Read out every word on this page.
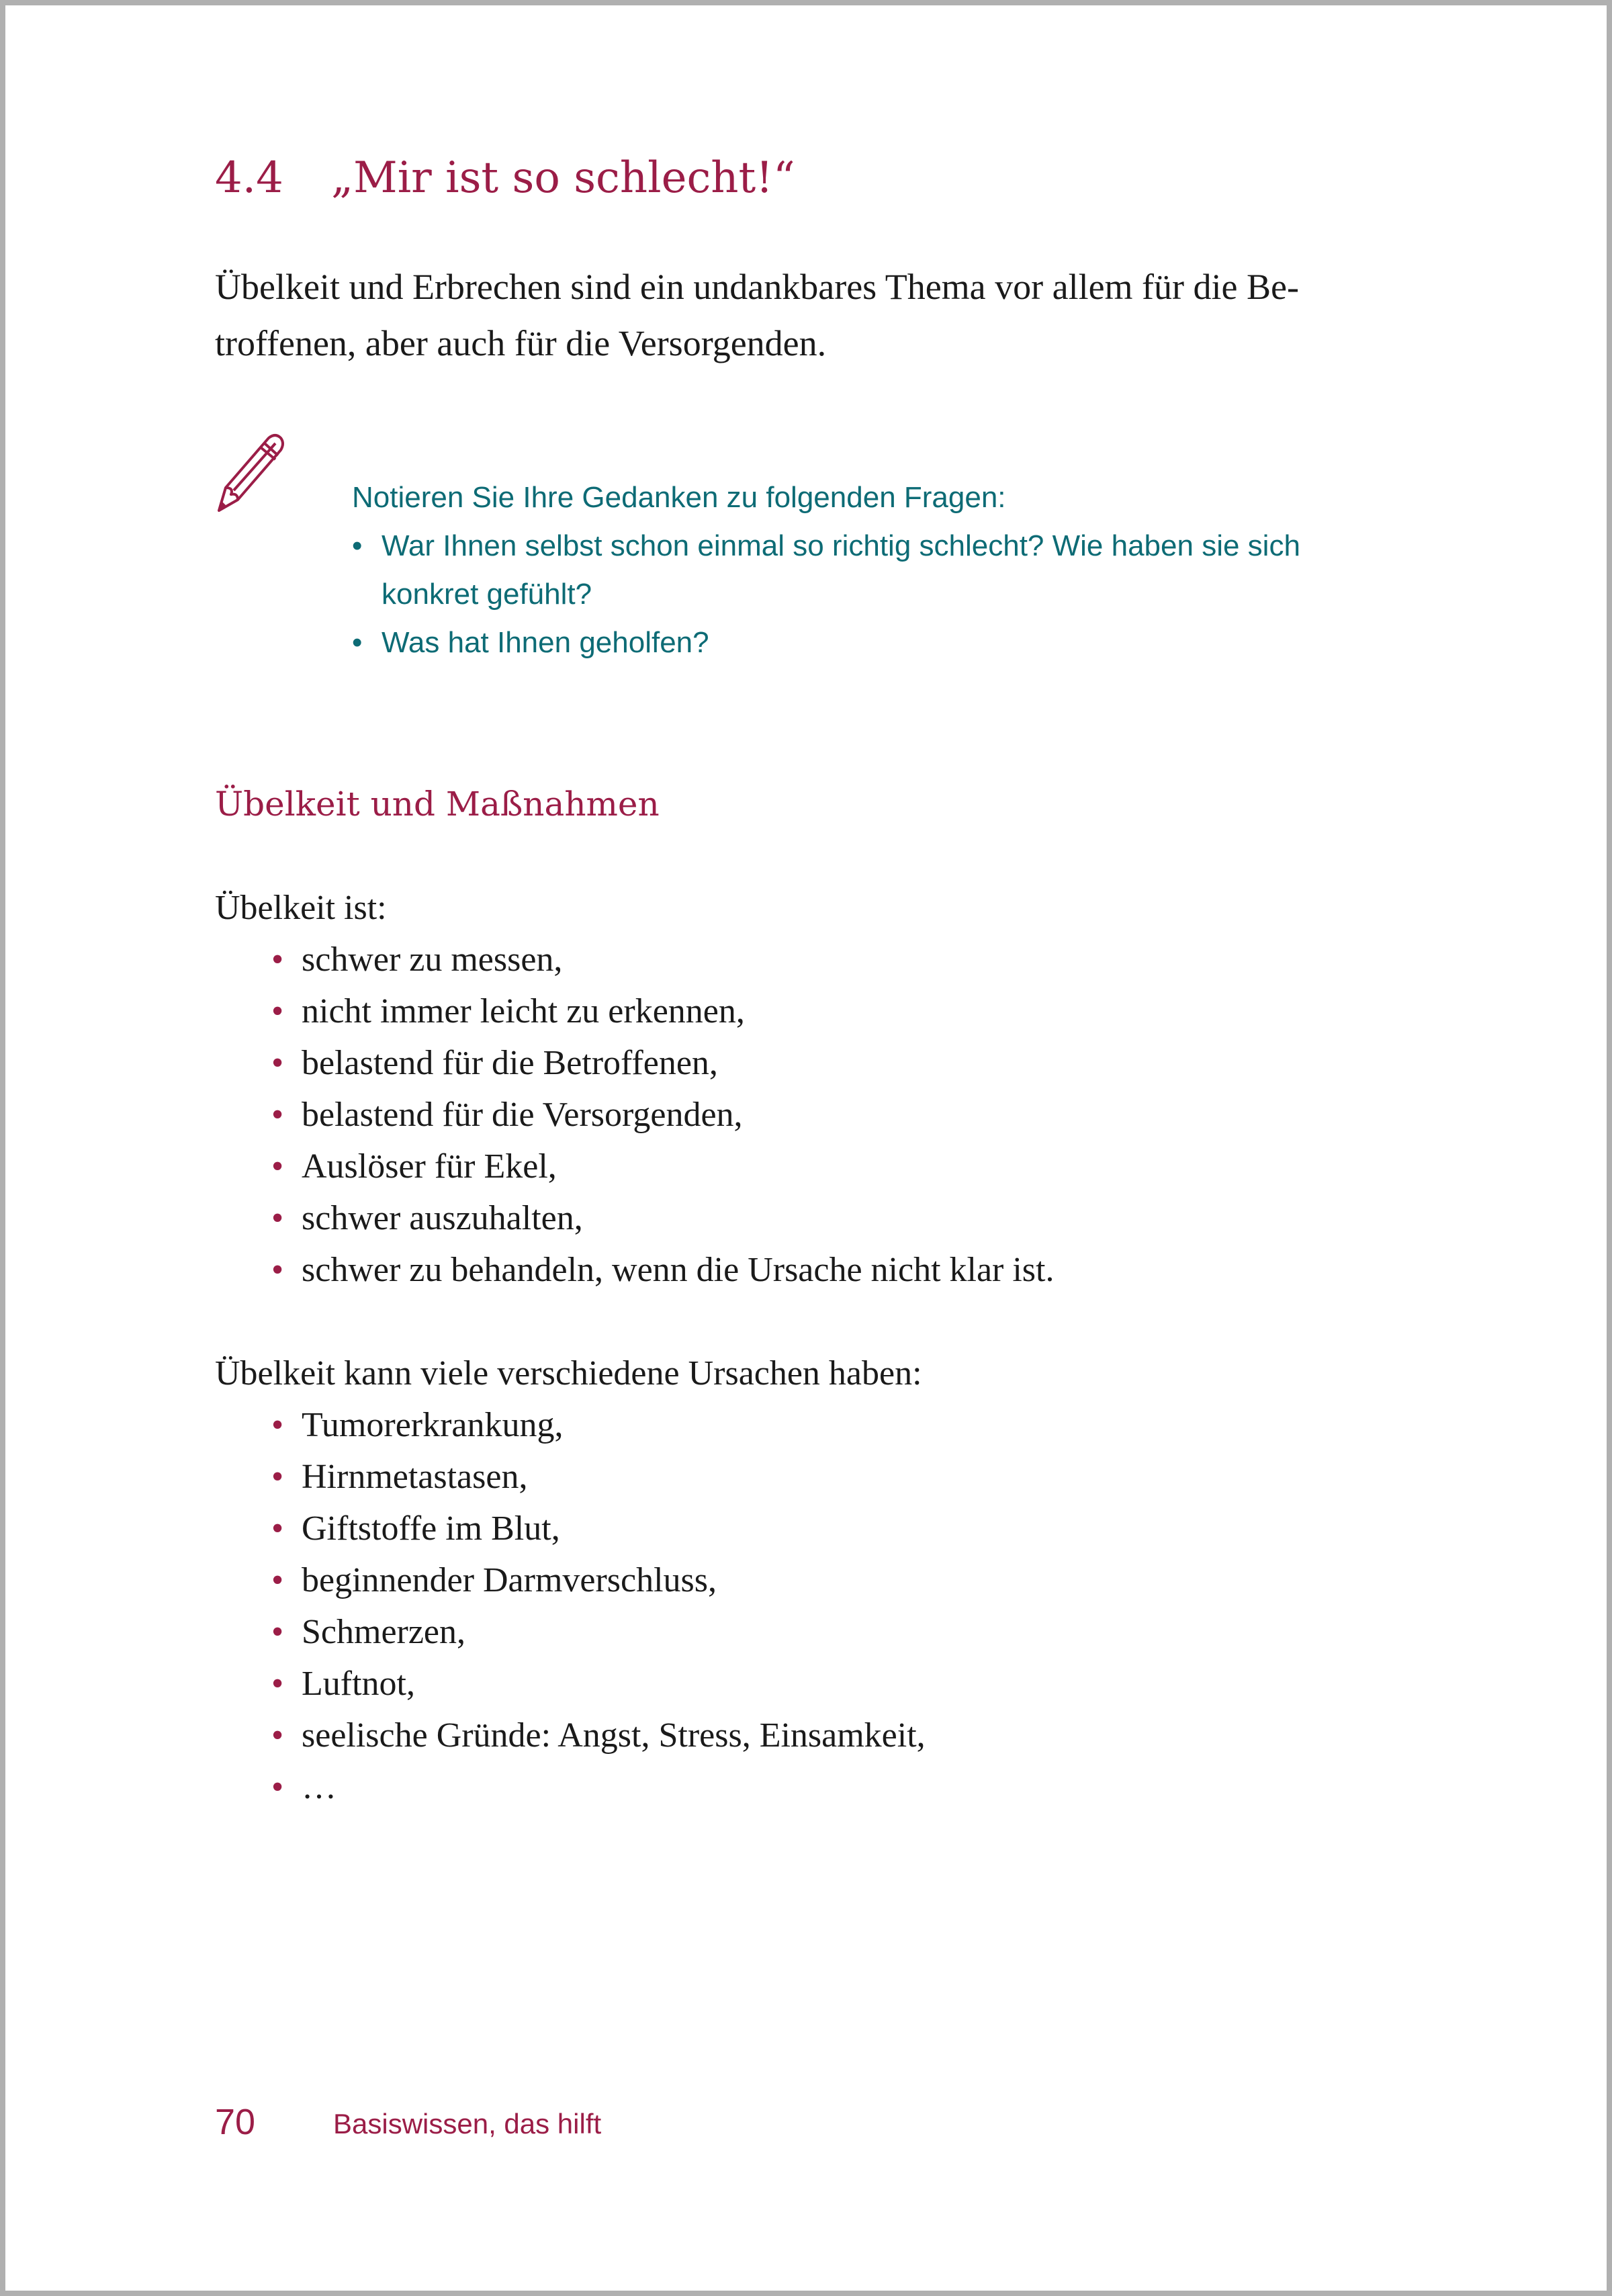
4.4 „Mir ist so schlecht!“
Übelkeit und Erbrechen sind ein undankbares Thema vor allem für die Be-
troffenen, aber auch für die Versorgenden.
Notieren Sie Ihre Gedanken zu folgenden Fragen:
• War Ihnen selbst schon einmal so richtig schlecht? Wie haben sie sich
konkret gefühlt?
• Was hat Ihnen geholfen?
Übelkeit und Maßnahmen
Übelkeit ist:
• schwer zu messen,
• nicht immer leicht zu erkennen,
• belastend für die Betroffenen,
• belastend für die Versorgenden,
• Auslöser für Ekel,
• schwer auszuhalten,
• schwer zu behandeln, wenn die Ursache nicht klar ist.
Übelkeit kann viele verschiedene Ursachen haben:
• Tumorerkrankung,
• Hirnmetastasen,
• Giftstoffe im Blut,
• beginnender Darmverschluss,
• Schmerzen,
• Luftnot,
• seelische Gründe: Angst, Stress, Einsamkeit,
• …
70	Basiswissen, das hilft
